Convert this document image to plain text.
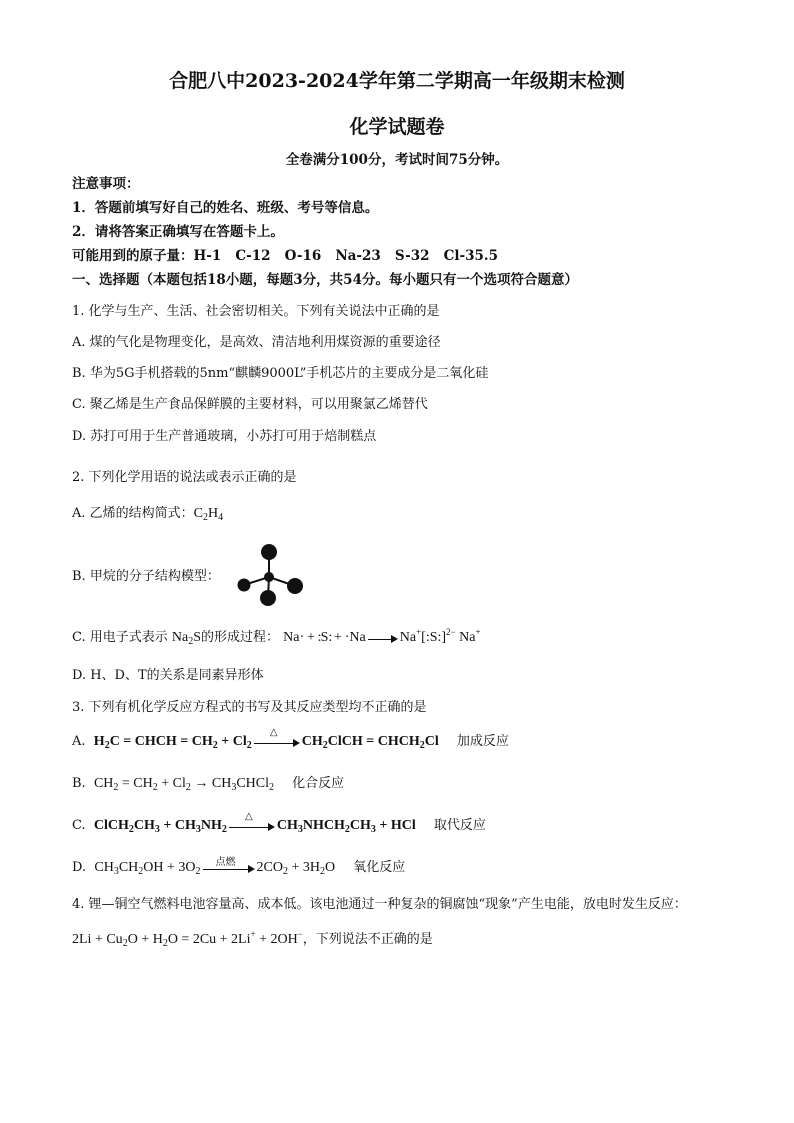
合肥八中2023-2024学年第二学期高一年级期末检测
化学试题卷
全卷满分100分，考试时间75分钟。
注意事项：
1．答题前填写好自己的姓名、班级、考号等信息。
2．请将答案正确填写在答题卡上。
可能用到的原子量：H-1   C-12   O-16   Na-23   S-32   Cl-35.5
一、选择题（本题包括18小题，每题3分，共54分。每小题只有一个选项符合题意）
1. 化学与生产、生活、社会密切相关。下列有关说法中正确的是
A. 煤的气化是物理变化，是高效、清洁地利用煤资源的重要途径
B. 华为5G手机搭载的5nm“麒麟9000L”手机芯片的主要成分是二氧化硅
C. 聚乙烯是生产食品保鲜膜的主要材料，可以用聚氯乙烯替代
D. 苏打可用于生产普通玻璃，小苏打可用于焙制糕点
2. 下列化学用语的说法或表示正确的是
A. 乙烯的结构简式：$C_2H_4$
B. 甲烷的分子结构模型：
C. 用电子式表示 $Na_2S$的形成过程： Na· + :S: + ·Na Na+[:S:]$^{2-}$ Na+
D. H、D、T的关系是同素异形体
3. 下列有机化学反应方程式的书写及其反应类型均不正确的是
A. $H_2C$ = CHCH = $CH_2 + Cl_2$
△
$CH_2ClCH$ = $CHCH_2Cl$ 加成反应
B. $CH_2 = CH_2 + Cl_2$ → $CH_3CHCl_2$ 化合反应
C. $ClCH_2CH_3 + CH_3NH_2$
△
$CH_3NHCH_2CH_3$ + HCl 取代反应
D. $CH_3CH_2OH + 3O_2$
点燃	$2CO_2 + 3H_2O$ 氧化反应
4. 锂—铜空气燃料电池容量高、成本低。该电池通过一种复杂的铜腐蚀“现象”产生电能，放电时发生反应：
$2Li + Cu_2O + H_2O = 2Cu + 2Li^+ + 2OH^-$，下列说法不正确的是
